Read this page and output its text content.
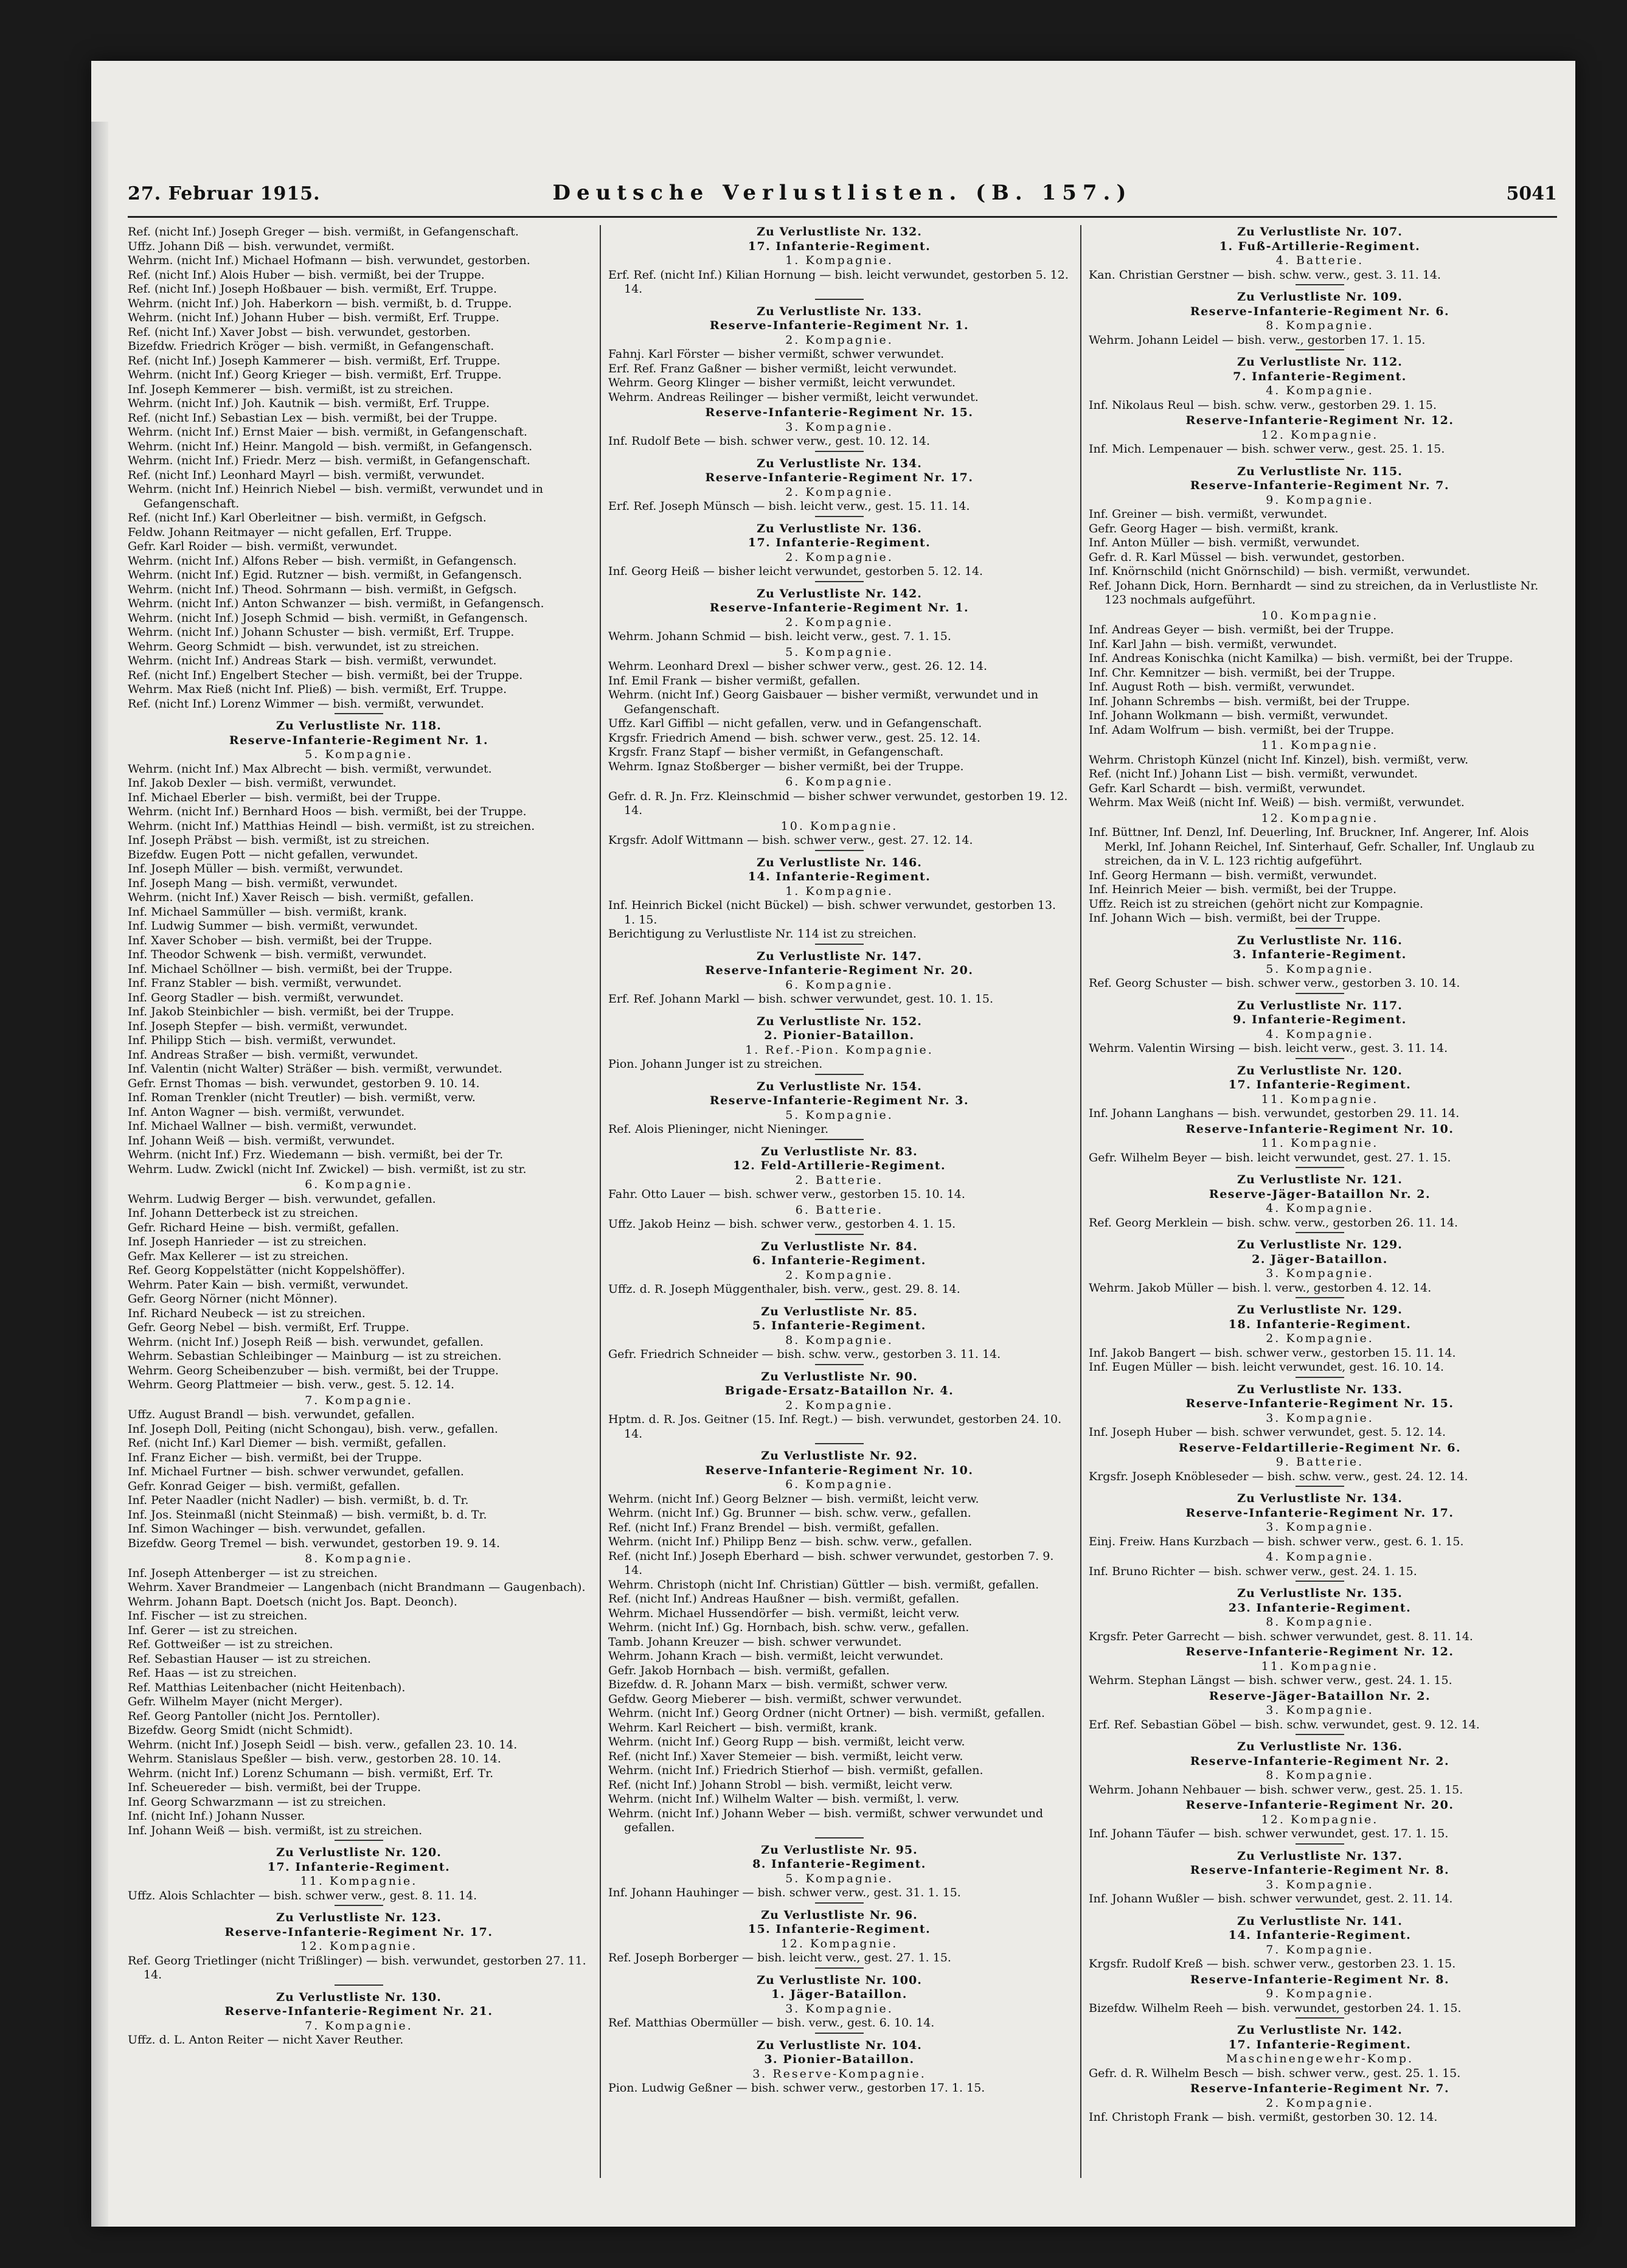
27. Februar 1915.	Deutsche Verlustlisten. (B. 157.)	5041
Ref. (nicht Inf.) Joseph Greger — bish. vermißt, in Gefangenschaft.
Uffz. Johann Diß — bish. verwundet, vermißt.
Wehrm. (nicht Inf.) Michael Hofmann — bish. verwundet, gestorben.
Ref. (nicht Inf.) Alois Huber — bish. vermißt, bei der Truppe.
Ref. (nicht Inf.) Joseph Hoßbauer — bish. vermißt, Erf. Truppe.
Wehrm. (nicht Inf.) Joh. Haberkorn — bish. vermißt, b. d. Truppe.
Wehrm. (nicht Inf.) Johann Huber — bish. vermißt, Erf. Truppe.
Ref. (nicht Inf.) Xaver Jobst — bish. verwundet, gestorben.
Bizefdw. Friedrich Kröger — bish. vermißt, in Gefangenschaft.
Ref. (nicht Inf.) Joseph Kammerer — bish. vermißt, Erf. Truppe.
Wehrm. (nicht Inf.) Georg Krieger — bish. vermißt, Erf. Truppe.
Inf. Joseph Kemmerer — bish. vermißt, ist zu streichen.
Wehrm. (nicht Inf.) Joh. Kautnik — bish. vermißt, Erf. Truppe.
Ref. (nicht Inf.) Sebastian Lex — bish. vermißt, bei der Truppe.
Wehrm. (nicht Inf.) Ernst Maier — bish. vermißt, in Gefangenschaft.
Wehrm. (nicht Inf.) Heinr. Mangold — bish. vermißt, in Gefangensch.
Wehrm. (nicht Inf.) Friedr. Merz — bish. vermißt, in Gefangenschaft.
Ref. (nicht Inf.) Leonhard Mayrl — bish. vermißt, verwundet.
Wehrm. (nicht Inf.) Heinrich Niebel — bish. vermißt, verwundet und in Gefangenschaft.
Ref. (nicht Inf.) Karl Oberleitner — bish. vermißt, in Gefgsch.
Feldw. Johann Reitmayer — nicht gefallen, Erf. Truppe.
Gefr. Karl Roider — bish. vermißt, verwundet.
Wehrm. (nicht Inf.) Alfons Reber — bish. vermißt, in Gefangensch.
Wehrm. (nicht Inf.) Egid. Rutzner — bish. vermißt, in Gefangensch.
Wehrm. (nicht Inf.) Theod. Sohrmann — bish. vermißt, in Gefgsch.
Wehrm. (nicht Inf.) Anton Schwanzer — bish. vermißt, in Gefangensch.
Wehrm. (nicht Inf.) Joseph Schmid — bish. vermißt, in Gefangensch.
Wehrm. (nicht Inf.) Johann Schuster — bish. vermißt, Erf. Truppe.
Wehrm. Georg Schmidt — bish. verwundet, ist zu streichen.
Wehrm. (nicht Inf.) Andreas Stark — bish. vermißt, verwundet.
Ref. (nicht Inf.) Engelbert Stecher — bish. vermißt, bei der Truppe.
Wehrm. Max Rieß (nicht Inf. Pließ) — bish. vermißt, Erf. Truppe.
Ref. (nicht Inf.) Lorenz Wimmer — bish. vermißt, verwundet.
Zu Verlustliste Nr. 118.
Reserve-Infanterie-Regiment Nr. 1.
5. Kompagnie.
Wehrm. (nicht Inf.) Max Albrecht — bish. vermißt, verwundet.
Inf. Jakob Dexler — bish. vermißt, verwundet.
Inf. Michael Eberler — bish. vermißt, bei der Truppe.
Wehrm. (nicht Inf.) Bernhard Hoos — bish. vermißt, bei der Truppe.
Wehrm. (nicht Inf.) Matthias Heindl — bish. vermißt, ist zu streichen.
Inf. Joseph Präbst — bish. vermißt, ist zu streichen.
Bizefdw. Eugen Pott — nicht gefallen, verwundet.
Inf. Joseph Müller — bish. vermißt, verwundet.
Inf. Joseph Mang — bish. vermißt, verwundet.
Wehrm. (nicht Inf.) Xaver Reisch — bish. vermißt, gefallen.
Inf. Michael Sammüller — bish. vermißt, krank.
Inf. Ludwig Summer — bish. vermißt, verwundet.
Inf. Xaver Schober — bish. vermißt, bei der Truppe.
Inf. Theodor Schwenk — bish. vermißt, verwundet.
Inf. Michael Schöllner — bish. vermißt, bei der Truppe.
Inf. Franz Stabler — bish. vermißt, verwundet.
Inf. Georg Stadler — bish. vermißt, verwundet.
Inf. Jakob Steinbichler — bish. vermißt, bei der Truppe.
Inf. Joseph Stepfer — bish. vermißt, verwundet.
Inf. Philipp Stich — bish. vermißt, verwundet.
Inf. Andreas Straßer — bish. vermißt, verwundet.
Inf. Valentin (nicht Walter) Sträßer — bish. vermißt, verwundet.
Gefr. Ernst Thomas — bish. verwundet, gestorben 9. 10. 14.
Inf. Roman Trenkler (nicht Treutler) — bish. vermißt, verw.
Inf. Anton Wagner — bish. vermißt, verwundet.
Inf. Michael Wallner — bish. vermißt, verwundet.
Inf. Johann Weiß — bish. vermißt, verwundet.
Wehrm. (nicht Inf.) Frz. Wiedemann — bish. vermißt, bei der Tr.
Wehrm. Ludw. Zwickl (nicht Inf. Zwickel) — bish. vermißt, ist zu str.
6. Kompagnie.
Wehrm. Ludwig Berger — bish. verwundet, gefallen.
Inf. Johann Detterbeck ist zu streichen.
Gefr. Richard Heine — bish. vermißt, gefallen.
Inf. Joseph Hanrieder — ist zu streichen.
Gefr. Max Kellerer — ist zu streichen.
Ref. Georg Koppelstätter (nicht Koppelshöffer).
Wehrm. Pater Kain — bish. vermißt, verwundet.
Gefr. Georg Nörner (nicht Mönner).
Inf. Richard Neubeck — ist zu streichen.
Gefr. Georg Nebel — bish. vermißt, Erf. Truppe.
Wehrm. (nicht Inf.) Joseph Reiß — bish. verwundet, gefallen.
Wehrm. Sebastian Schleibinger — Mainburg — ist zu streichen.
Wehrm. Georg Scheibenzuber — bish. vermißt, bei der Truppe.
Wehrm. Georg Plattmeier — bish. verw., gest. 5. 12. 14.
7. Kompagnie.
Uffz. August Brandl — bish. verwundet, gefallen.
Inf. Joseph Doll, Peiting (nicht Schongau), bish. verw., gefallen.
Ref. (nicht Inf.) Karl Diemer — bish. vermißt, gefallen.
Inf. Franz Eicher — bish. vermißt, bei der Truppe.
Inf. Michael Furtner — bish. schwer verwundet, gefallen.
Gefr. Konrad Geiger — bish. vermißt, gefallen.
Inf. Peter Naadler (nicht Nadler) — bish. vermißt, b. d. Tr.
Inf. Jos. Steinmaßl (nicht Steinmaß) — bish. vermißt, b. d. Tr.
Inf. Simon Wachinger — bish. verwundet, gefallen.
Bizefdw. Georg Tremel — bish. verwundet, gestorben 19. 9. 14.
8. Kompagnie.
Inf. Joseph Attenberger — ist zu streichen.
Wehrm. Xaver Brandmeier — Langenbach (nicht Brandmann — Gaugenbach).
Wehrm. Johann Bapt. Doetsch (nicht Jos. Bapt. Deonch).
Inf. Fischer — ist zu streichen.
Inf. Gerer — ist zu streichen.
Ref. Gottweißer — ist zu streichen.
Ref. Sebastian Hauser — ist zu streichen.
Ref. Haas — ist zu streichen.
Ref. Matthias Leitenbacher (nicht Heitenbach).
Gefr. Wilhelm Mayer (nicht Merger).
Ref. Georg Pantoller (nicht Jos. Perntoller).
Bizefdw. Georg Smidt (nicht Schmidt).
Wehrm. (nicht Inf.) Joseph Seidl — bish. verw., gefallen 23. 10. 14.
Wehrm. Stanislaus Speßler — bish. verw., gestorben 28. 10. 14.
Wehrm. (nicht Inf.) Lorenz Schumann — bish. vermißt, Erf. Tr.
Inf. Scheuereder — bish. vermißt, bei der Truppe.
Inf. Georg Schwarzmann — ist zu streichen.
Inf. (nicht Inf.) Johann Nusser.
Inf. Johann Weiß — bish. vermißt, ist zu streichen.
Zu Verlustliste Nr. 120.
17. Infanterie-Regiment.
11. Kompagnie.
Uffz. Alois Schlachter — bish. schwer verw., gest. 8. 11. 14.
Zu Verlustliste Nr. 123.
Reserve-Infanterie-Regiment Nr. 17.
12. Kompagnie.
Ref. Georg Trietlinger (nicht Trißlinger) — bish. verwundet, gestorben 27. 11. 14.
Zu Verlustliste Nr. 130.
Reserve-Infanterie-Regiment Nr. 21.
7. Kompagnie.
Uffz. d. L. Anton Reiter — nicht Xaver Reuther.
Zu Verlustliste Nr. 132.
17. Infanterie-Regiment.
1. Kompagnie.
Erf. Ref. (nicht Inf.) Kilian Hornung — bish. leicht verwundet, gestorben 5. 12. 14.
Zu Verlustliste Nr. 133.
Reserve-Infanterie-Regiment Nr. 1.
2. Kompagnie.
Fahnj. Karl Förster — bisher vermißt, schwer verwundet.
Erf. Ref. Franz Gaßner — bisher vermißt, leicht verwundet.
Wehrm. Georg Klinger — bisher vermißt, leicht verwundet.
Wehrm. Andreas Reilinger — bisher vermißt, leicht verwundet.
Reserve-Infanterie-Regiment Nr. 15.
3. Kompagnie.
Inf. Rudolf Bete — bish. schwer verw., gest. 10. 12. 14.
Zu Verlustliste Nr. 134.
Reserve-Infanterie-Regiment Nr. 17.
2. Kompagnie.
Erf. Ref. Joseph Münsch — bish. leicht verw., gest. 15. 11. 14.
Zu Verlustliste Nr. 136.
17. Infanterie-Regiment.
2. Kompagnie.
Inf. Georg Heiß — bisher leicht verwundet, gestorben 5. 12. 14.
Zu Verlustliste Nr. 142.
Reserve-Infanterie-Regiment Nr. 1.
2. Kompagnie.
Wehrm. Johann Schmid — bish. leicht verw., gest. 7. 1. 15.
5. Kompagnie.
Wehrm. Leonhard Drexl — bisher schwer verw., gest. 26. 12. 14.
Inf. Emil Frank — bisher vermißt, gefallen.
Wehrm. (nicht Inf.) Georg Gaisbauer — bisher vermißt, verwundet und in Gefangenschaft.
Uffz. Karl Giffibl — nicht gefallen, verw. und in Gefangenschaft.
Krgsfr. Friedrich Amend — bish. schwer verw., gest. 25. 12. 14.
Krgsfr. Franz Stapf — bisher vermißt, in Gefangenschaft.
Wehrm. Ignaz Stoßberger — bisher vermißt, bei der Truppe.
6. Kompagnie.
Gefr. d. R. Jn. Frz. Kleinschmid — bisher schwer verwundet, gestorben 19. 12. 14.
10. Kompagnie.
Krgsfr. Adolf Wittmann — bish. schwer verw., gest. 27. 12. 14.
Zu Verlustliste Nr. 146.
14. Infanterie-Regiment.
1. Kompagnie.
Inf. Heinrich Bickel (nicht Bückel) — bish. schwer verwundet, gestorben 13. 1. 15.
Berichtigung zu Verlustliste Nr. 114 ist zu streichen.
Zu Verlustliste Nr. 147.
Reserve-Infanterie-Regiment Nr. 20.
6. Kompagnie.
Erf. Ref. Johann Markl — bish. schwer verwundet, gest. 10. 1. 15.
Zu Verlustliste Nr. 152.
2. Pionier-Bataillon.
1. Ref.-Pion. Kompagnie.
Pion. Johann Junger ist zu streichen.
Zu Verlustliste Nr. 154.
Reserve-Infanterie-Regiment Nr. 3.
5. Kompagnie.
Ref. Alois Plieninger, nicht Nieninger.
Zu Verlustliste Nr. 83.
12. Feld-Artillerie-Regiment.
2. Batterie.
Fahr. Otto Lauer — bish. schwer verw., gestorben 15. 10. 14.
6. Batterie.
Uffz. Jakob Heinz — bish. schwer verw., gestorben 4. 1. 15.
Zu Verlustliste Nr. 84.
6. Infanterie-Regiment.
2. Kompagnie.
Uffz. d. R. Joseph Müggenthaler, bish. verw., gest. 29. 8. 14.
Zu Verlustliste Nr. 85.
5. Infanterie-Regiment.
8. Kompagnie.
Gefr. Friedrich Schneider — bish. schw. verw., gestorben 3. 11. 14.
Zu Verlustliste Nr. 90.
Brigade-Ersatz-Bataillon Nr. 4.
2. Kompagnie.
Hptm. d. R. Jos. Geitner (15. Inf. Regt.) — bish. verwundet, gestorben 24. 10. 14.
Zu Verlustliste Nr. 92.
Reserve-Infanterie-Regiment Nr. 10.
6. Kompagnie.
Wehrm. (nicht Inf.) Georg Belzner — bish. vermißt, leicht verw.
Wehrm. (nicht Inf.) Gg. Brunner — bish. schw. verw., gefallen.
Ref. (nicht Inf.) Franz Brendel — bish. vermißt, gefallen.
Wehrm. (nicht Inf.) Philipp Benz — bish. schw. verw., gefallen.
Ref. (nicht Inf.) Joseph Eberhard — bish. schwer verwundet, gestorben 7. 9. 14.
Wehrm. Christoph (nicht Inf. Christian) Güttler — bish. vermißt, gefallen.
Ref. (nicht Inf.) Andreas Haußner — bish. vermißt, gefallen.
Wehrm. Michael Hussendörfer — bish. vermißt, leicht verw.
Wehrm. (nicht Inf.) Gg. Hornbach, bish. schw. verw., gefallen.
Tamb. Johann Kreuzer — bish. schwer verwundet.
Wehrm. Johann Krach — bish. vermißt, leicht verwundet.
Gefr. Jakob Hornbach — bish. vermißt, gefallen.
Bizefdw. d. R. Johann Marx — bish. vermißt, schwer verw.
Gefdw. Georg Mieberer — bish. vermißt, schwer verwundet.
Wehrm. (nicht Inf.) Georg Ordner (nicht Ortner) — bish. vermißt, gefallen.
Wehrm. Karl Reichert — bish. vermißt, krank.
Wehrm. (nicht Inf.) Georg Rupp — bish. vermißt, leicht verw.
Ref. (nicht Inf.) Xaver Stemeier — bish. vermißt, leicht verw.
Wehrm. (nicht Inf.) Friedrich Stierhof — bish. vermißt, gefallen.
Ref. (nicht Inf.) Johann Strobl — bish. vermißt, leicht verw.
Wehrm. (nicht Inf.) Wilhelm Walter — bish. vermißt, l. verw.
Wehrm. (nicht Inf.) Johann Weber — bish. vermißt, schwer verwundet und gefallen.
Zu Verlustliste Nr. 95.
8. Infanterie-Regiment.
5. Kompagnie.
Inf. Johann Hauhinger — bish. schwer verw., gest. 31. 1. 15.
Zu Verlustliste Nr. 96.
15. Infanterie-Regiment.
12. Kompagnie.
Ref. Joseph Borberger — bish. leicht verw., gest. 27. 1. 15.
Zu Verlustliste Nr. 100.
1. Jäger-Bataillon.
3. Kompagnie.
Ref. Matthias Obermüller — bish. verw., gest. 6. 10. 14.
Zu Verlustliste Nr. 104.
3. Pionier-Bataillon.
3. Reserve-Kompagnie.
Pion. Ludwig Geßner — bish. schwer verw., gestorben 17. 1. 15.
Zu Verlustliste Nr. 107.
1. Fuß-Artillerie-Regiment.
4. Batterie.
Kan. Christian Gerstner — bish. schw. verw., gest. 3. 11. 14.
Zu Verlustliste Nr. 109.
Reserve-Infanterie-Regiment Nr. 6.
8. Kompagnie.
Wehrm. Johann Leidel — bish. verw., gestorben 17. 1. 15.
Zu Verlustliste Nr. 112.
7. Infanterie-Regiment.
4. Kompagnie.
Inf. Nikolaus Reul — bish. schw. verw., gestorben 29. 1. 15.
Reserve-Infanterie-Regiment Nr. 12.
12. Kompagnie.
Inf. Mich. Lempenauer — bish. schwer verw., gest. 25. 1. 15.
Zu Verlustliste Nr. 115.
Reserve-Infanterie-Regiment Nr. 7.
9. Kompagnie.
Inf. Greiner — bish. vermißt, verwundet.
Gefr. Georg Hager — bish. vermißt, krank.
Inf. Anton Müller — bish. vermißt, verwundet.
Gefr. d. R. Karl Müssel — bish. verwundet, gestorben.
Inf. Knörnschild (nicht Gnörnschild) — bish. vermißt, verwundet.
Ref. Johann Dick, Horn. Bernhardt — sind zu streichen, da in Verlustliste Nr. 123 nochmals aufgeführt.
10. Kompagnie.
Inf. Andreas Geyer — bish. vermißt, bei der Truppe.
Inf. Karl Jahn — bish. vermißt, verwundet.
Inf. Andreas Konischka (nicht Kamilka) — bish. vermißt, bei der Truppe.
Inf. Chr. Kemnitzer — bish. vermißt, bei der Truppe.
Inf. August Roth — bish. vermißt, verwundet.
Inf. Johann Schrembs — bish. vermißt, bei der Truppe.
Inf. Johann Wolkmann — bish. vermißt, verwundet.
Inf. Adam Wolfrum — bish. vermißt, bei der Truppe.
11. Kompagnie.
Wehrm. Christoph Künzel (nicht Inf. Kinzel), bish. vermißt, verw.
Ref. (nicht Inf.) Johann List — bish. vermißt, verwundet.
Gefr. Karl Schardt — bish. vermißt, verwundet.
Wehrm. Max Weiß (nicht Inf. Weiß) — bish. vermißt, verwundet.
12. Kompagnie.
Inf. Büttner, Inf. Denzl, Inf. Deuerling, Inf. Bruckner, Inf. Angerer, Inf. Alois Merkl, Inf. Johann Reichel, Inf. Sinterhauf, Gefr. Schaller, Inf. Unglaub zu streichen, da in V. L. 123 richtig aufgeführt.
Inf. Georg Hermann — bish. vermißt, verwundet.
Inf. Heinrich Meier — bish. vermißt, bei der Truppe.
Uffz. Reich ist zu streichen (gehört nicht zur Kompagnie.
Inf. Johann Wich — bish. vermißt, bei der Truppe.
Zu Verlustliste Nr. 116.
3. Infanterie-Regiment.
5. Kompagnie.
Ref. Georg Schuster — bish. schwer verw., gestorben 3. 10. 14.
Zu Verlustliste Nr. 117.
9. Infanterie-Regiment.
4. Kompagnie.
Wehrm. Valentin Wirsing — bish. leicht verw., gest. 3. 11. 14.
Zu Verlustliste Nr. 120.
17. Infanterie-Regiment.
11. Kompagnie.
Inf. Johann Langhans — bish. verwundet, gestorben 29. 11. 14.
Reserve-Infanterie-Regiment Nr. 10.
11. Kompagnie.
Gefr. Wilhelm Beyer — bish. leicht verwundet, gest. 27. 1. 15.
Zu Verlustliste Nr. 121.
Reserve-Jäger-Bataillon Nr. 2.
4. Kompagnie.
Ref. Georg Merklein — bish. schw. verw., gestorben 26. 11. 14.
Zu Verlustliste Nr. 129.
2. Jäger-Bataillon.
3. Kompagnie.
Wehrm. Jakob Müller — bish. l. verw., gestorben 4. 12. 14.
Zu Verlustliste Nr. 129.
18. Infanterie-Regiment.
2. Kompagnie.
Inf. Jakob Bangert — bish. schwer verw., gestorben 15. 11. 14.
Inf. Eugen Müller — bish. leicht verwundet, gest. 16. 10. 14.
Zu Verlustliste Nr. 133.
Reserve-Infanterie-Regiment Nr. 15.
3. Kompagnie.
Inf. Joseph Huber — bish. schwer verwundet, gest. 5. 12. 14.
Reserve-Feldartillerie-Regiment Nr. 6.
9. Batterie.
Krgsfr. Joseph Knöbleseder — bish. schw. verw., gest. 24. 12. 14.
Zu Verlustliste Nr. 134.
Reserve-Infanterie-Regiment Nr. 17.
3. Kompagnie.
Einj. Freiw. Hans Kurzbach — bish. schwer verw., gest. 6. 1. 15.
4. Kompagnie.
Inf. Bruno Richter — bish. schwer verw., gest. 24. 1. 15.
Zu Verlustliste Nr. 135.
23. Infanterie-Regiment.
8. Kompagnie.
Krgsfr. Peter Garrecht — bish. schwer verwundet, gest. 8. 11. 14.
Reserve-Infanterie-Regiment Nr. 12.
11. Kompagnie.
Wehrm. Stephan Längst — bish. schwer verw., gest. 24. 1. 15.
Reserve-Jäger-Bataillon Nr. 2.
3. Kompagnie.
Erf. Ref. Sebastian Göbel — bish. schw. verwundet, gest. 9. 12. 14.
Zu Verlustliste Nr. 136.
Reserve-Infanterie-Regiment Nr. 2.
8. Kompagnie.
Wehrm. Johann Nehbauer — bish. schwer verw., gest. 25. 1. 15.
Reserve-Infanterie-Regiment Nr. 20.
12. Kompagnie.
Inf. Johann Täufer — bish. schwer verwundet, gest. 17. 1. 15.
Zu Verlustliste Nr. 137.
Reserve-Infanterie-Regiment Nr. 8.
3. Kompagnie.
Inf. Johann Wußler — bish. schwer verwundet, gest. 2. 11. 14.
Zu Verlustliste Nr. 141.
14. Infanterie-Regiment.
7. Kompagnie.
Krgsfr. Rudolf Kreß — bish. schwer verw., gestorben 23. 1. 15.
Reserve-Infanterie-Regiment Nr. 8.
9. Kompagnie.
Bizefdw. Wilhelm Reeh — bish. verwundet, gestorben 24. 1. 15.
Zu Verlustliste Nr. 142.
17. Infanterie-Regiment.
Maschinengewehr-Komp.
Gefr. d. R. Wilhelm Besch — bish. schwer verw., gest. 25. 1. 15.
Reserve-Infanterie-Regiment Nr. 7.
2. Kompagnie.
Inf. Christoph Frank — bish. vermißt, gestorben 30. 12. 14.
